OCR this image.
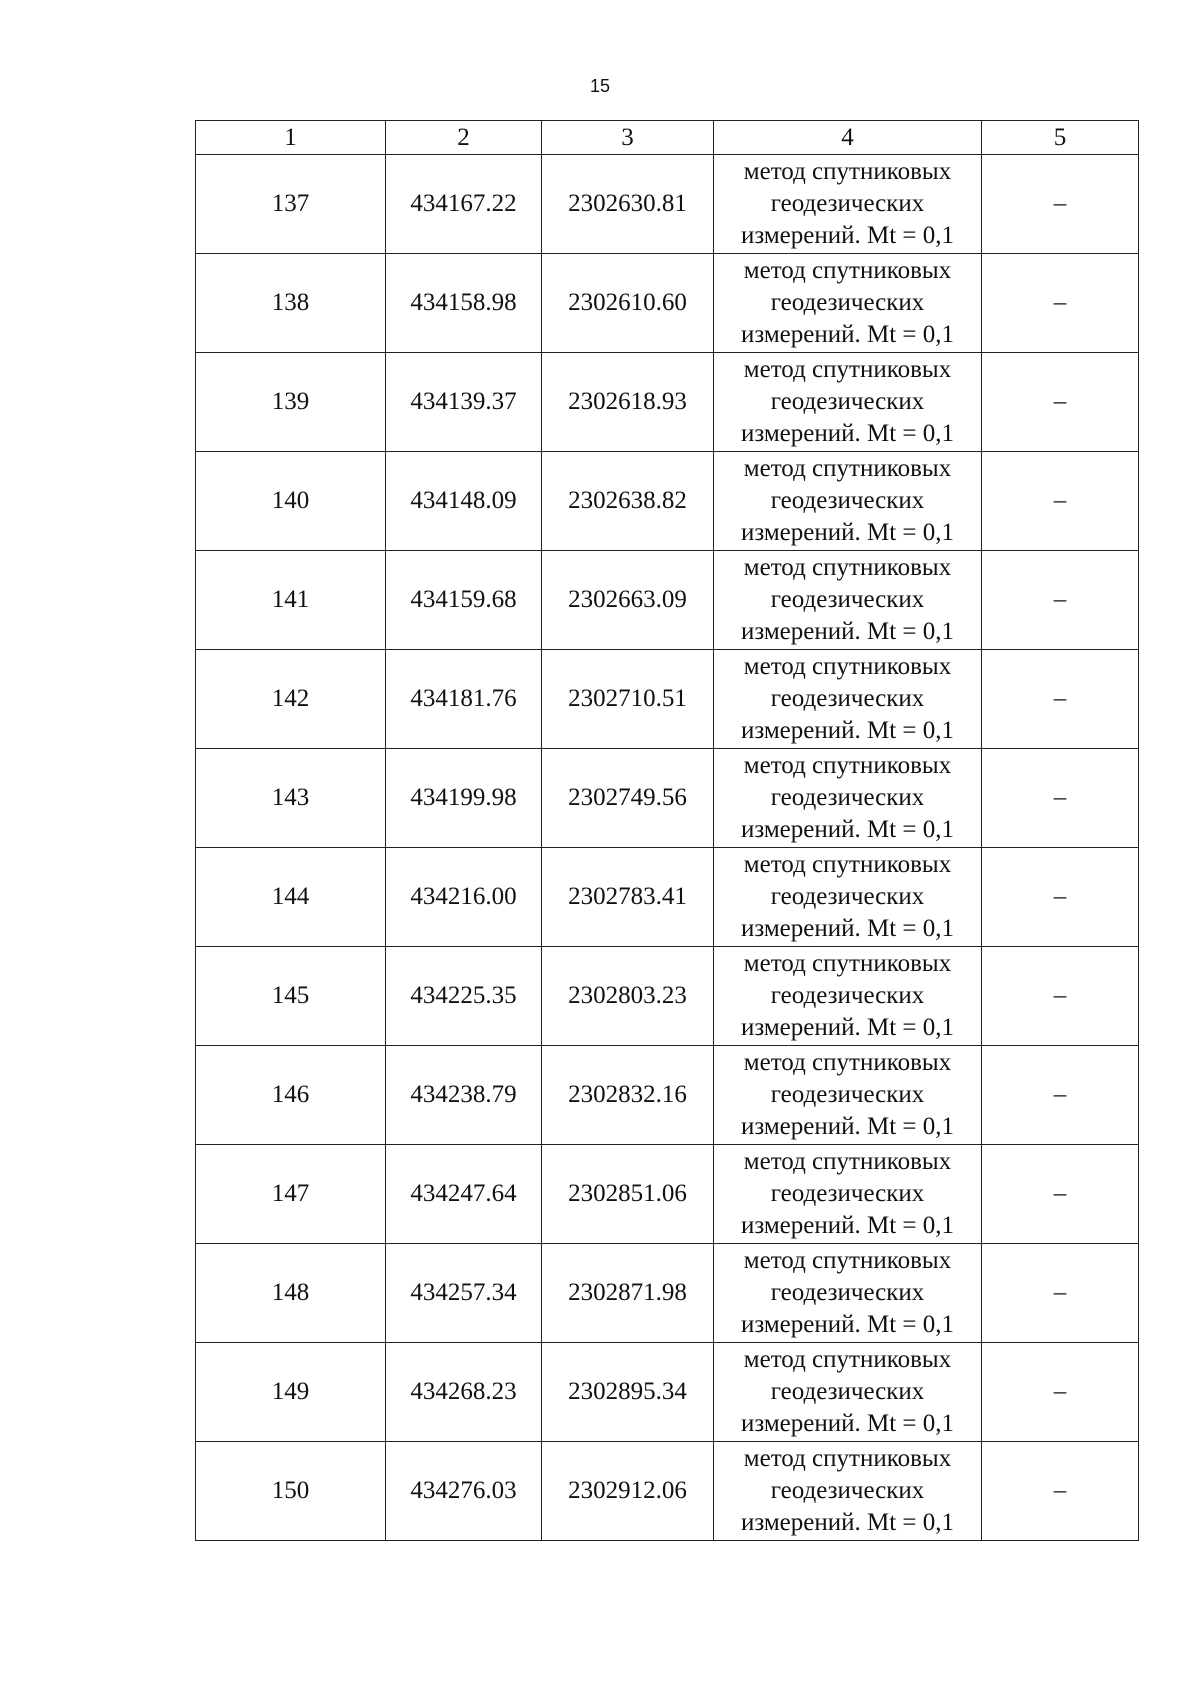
15
1	2	3	4	5
137	434167.22	2302630.81	метод спутниковых
геодезических
измерений. Mt = 0,1	–
138	434158.98	2302610.60	метод спутниковых
геодезических
измерений. Mt = 0,1	–
139	434139.37	2302618.93	метод спутниковых
геодезических
измерений. Mt = 0,1	–
140	434148.09	2302638.82	метод спутниковых
геодезических
измерений. Mt = 0,1	–
141	434159.68	2302663.09	метод спутниковых
геодезических
измерений. Mt = 0,1	–
142	434181.76	2302710.51	метод спутниковых
геодезических
измерений. Mt = 0,1	–
143	434199.98	2302749.56	метод спутниковых
геодезических
измерений. Mt = 0,1	–
144	434216.00	2302783.41	метод спутниковых
геодезических
измерений. Mt = 0,1	–
145	434225.35	2302803.23	метод спутниковых
геодезических
измерений. Mt = 0,1	–
146	434238.79	2302832.16	метод спутниковых
геодезических
измерений. Mt = 0,1	–
147	434247.64	2302851.06	метод спутниковых
геодезических
измерений. Mt = 0,1	–
148	434257.34	2302871.98	метод спутниковых
геодезических
измерений. Mt = 0,1	–
149	434268.23	2302895.34	метод спутниковых
геодезических
измерений. Mt = 0,1	–
150	434276.03	2302912.06	метод спутниковых
геодезических
измерений. Mt = 0,1	–
